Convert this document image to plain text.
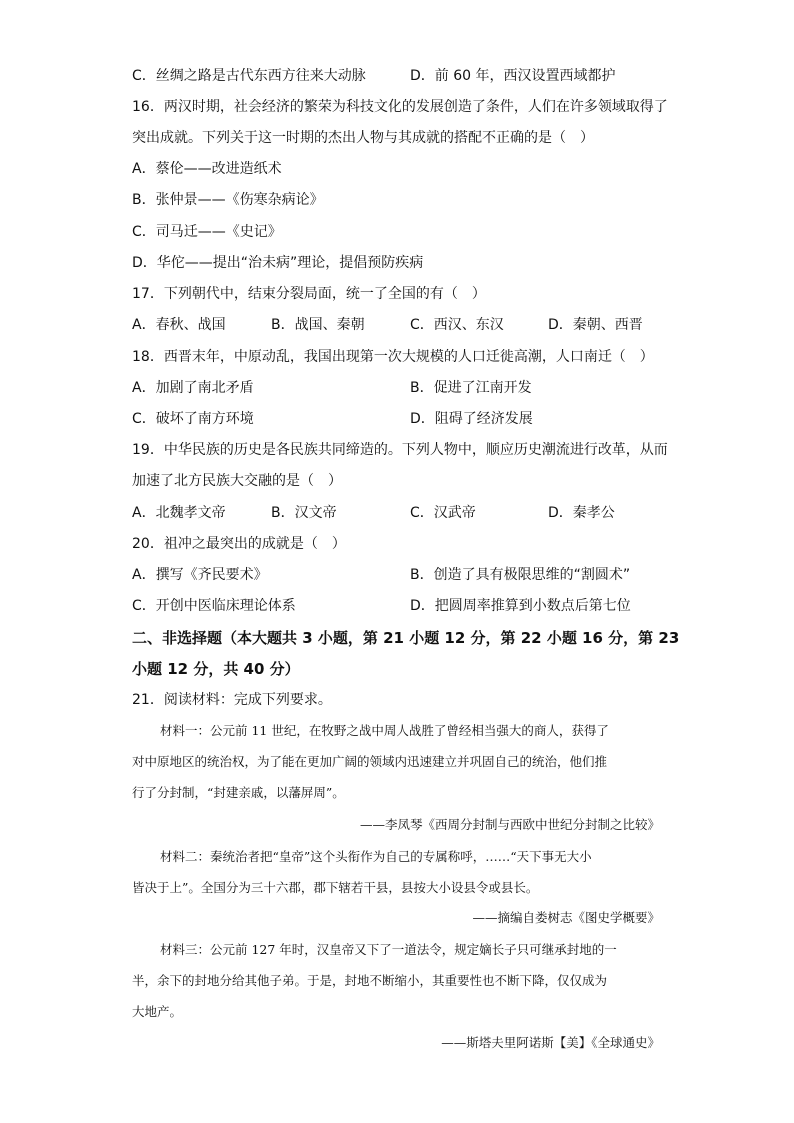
C．丝绸之路是古代东西方往来大动脉	D．前 60 年，西汉设置西域都护
16．两汉时期，社会经济的繁荣为科技文化的发展创造了条件，人们在许多领域取得了
突出成就。下列关于这一时期的杰出人物与其成就的搭配不正确的是（　）
A．蔡伦——改进造纸术
B．张仲景——《伤寒杂病论》
C．司马迁——《史记》
D．华佗——提出“治未病”理论，提倡预防疾病
17．下列朝代中，结束分裂局面，统一了全国的有（　）
A．春秋、战国	B．战国、秦朝	C．西汉、东汉	D．秦朝、西晋
18．西晋末年，中原动乱，我国出现第一次大规模的人口迁徙高潮，人口南迁（　）
A．加剧了南北矛盾	B．促进了江南开发
C．破坏了南方环境	D．阻碍了经济发展
19．中华民族的历史是各民族共同缔造的。下列人物中，顺应历史潮流进行改革，从而
加速了北方民族大交融的是（　）
A．北魏孝文帝	B．汉文帝	C．汉武帝	D．秦孝公
20．祖冲之最突出的成就是（　）
A．撰写《齐民要术》	B．创造了具有极限思维的“割圆术”
C．开创中医临床理论体系	D．把圆周率推算到小数点后第七位
二、非选择题（本大题共 3 小题，第 21 小题 12 分，第 22 小题 16 分，第 23
小题 12 分，共 40 分）
21．阅读材料：完成下列要求。
材料一：公元前 11 世纪，在牧野之战中周人战胜了曾经相当强大的商人，获得了
对中原地区的统治权，为了能在更加广阔的领域内迅速建立并巩固自己的统治，他们推
行了分封制，“封建亲戚，以藩屏周”。
——李凤琴《西周分封制与西欧中世纪分封制之比较》
材料二：秦统治者把“皇帝”这个头衔作为自己的专属称呼，……“天下事无大小
皆决于上”。全国分为三十六郡，郡下辖若干县，县按大小设县令或县长。
——摘编自娄树志《图史学概要》
材料三：公元前 127 年时，汉皇帝又下了一道法令，规定嫡长子只可继承封地的一
半，余下的封地分给其他子弟。于是，封地不断缩小，其重要性也不断下降，仅仅成为
大地产。
——斯塔夫里阿诺斯【美】《全球通史》
